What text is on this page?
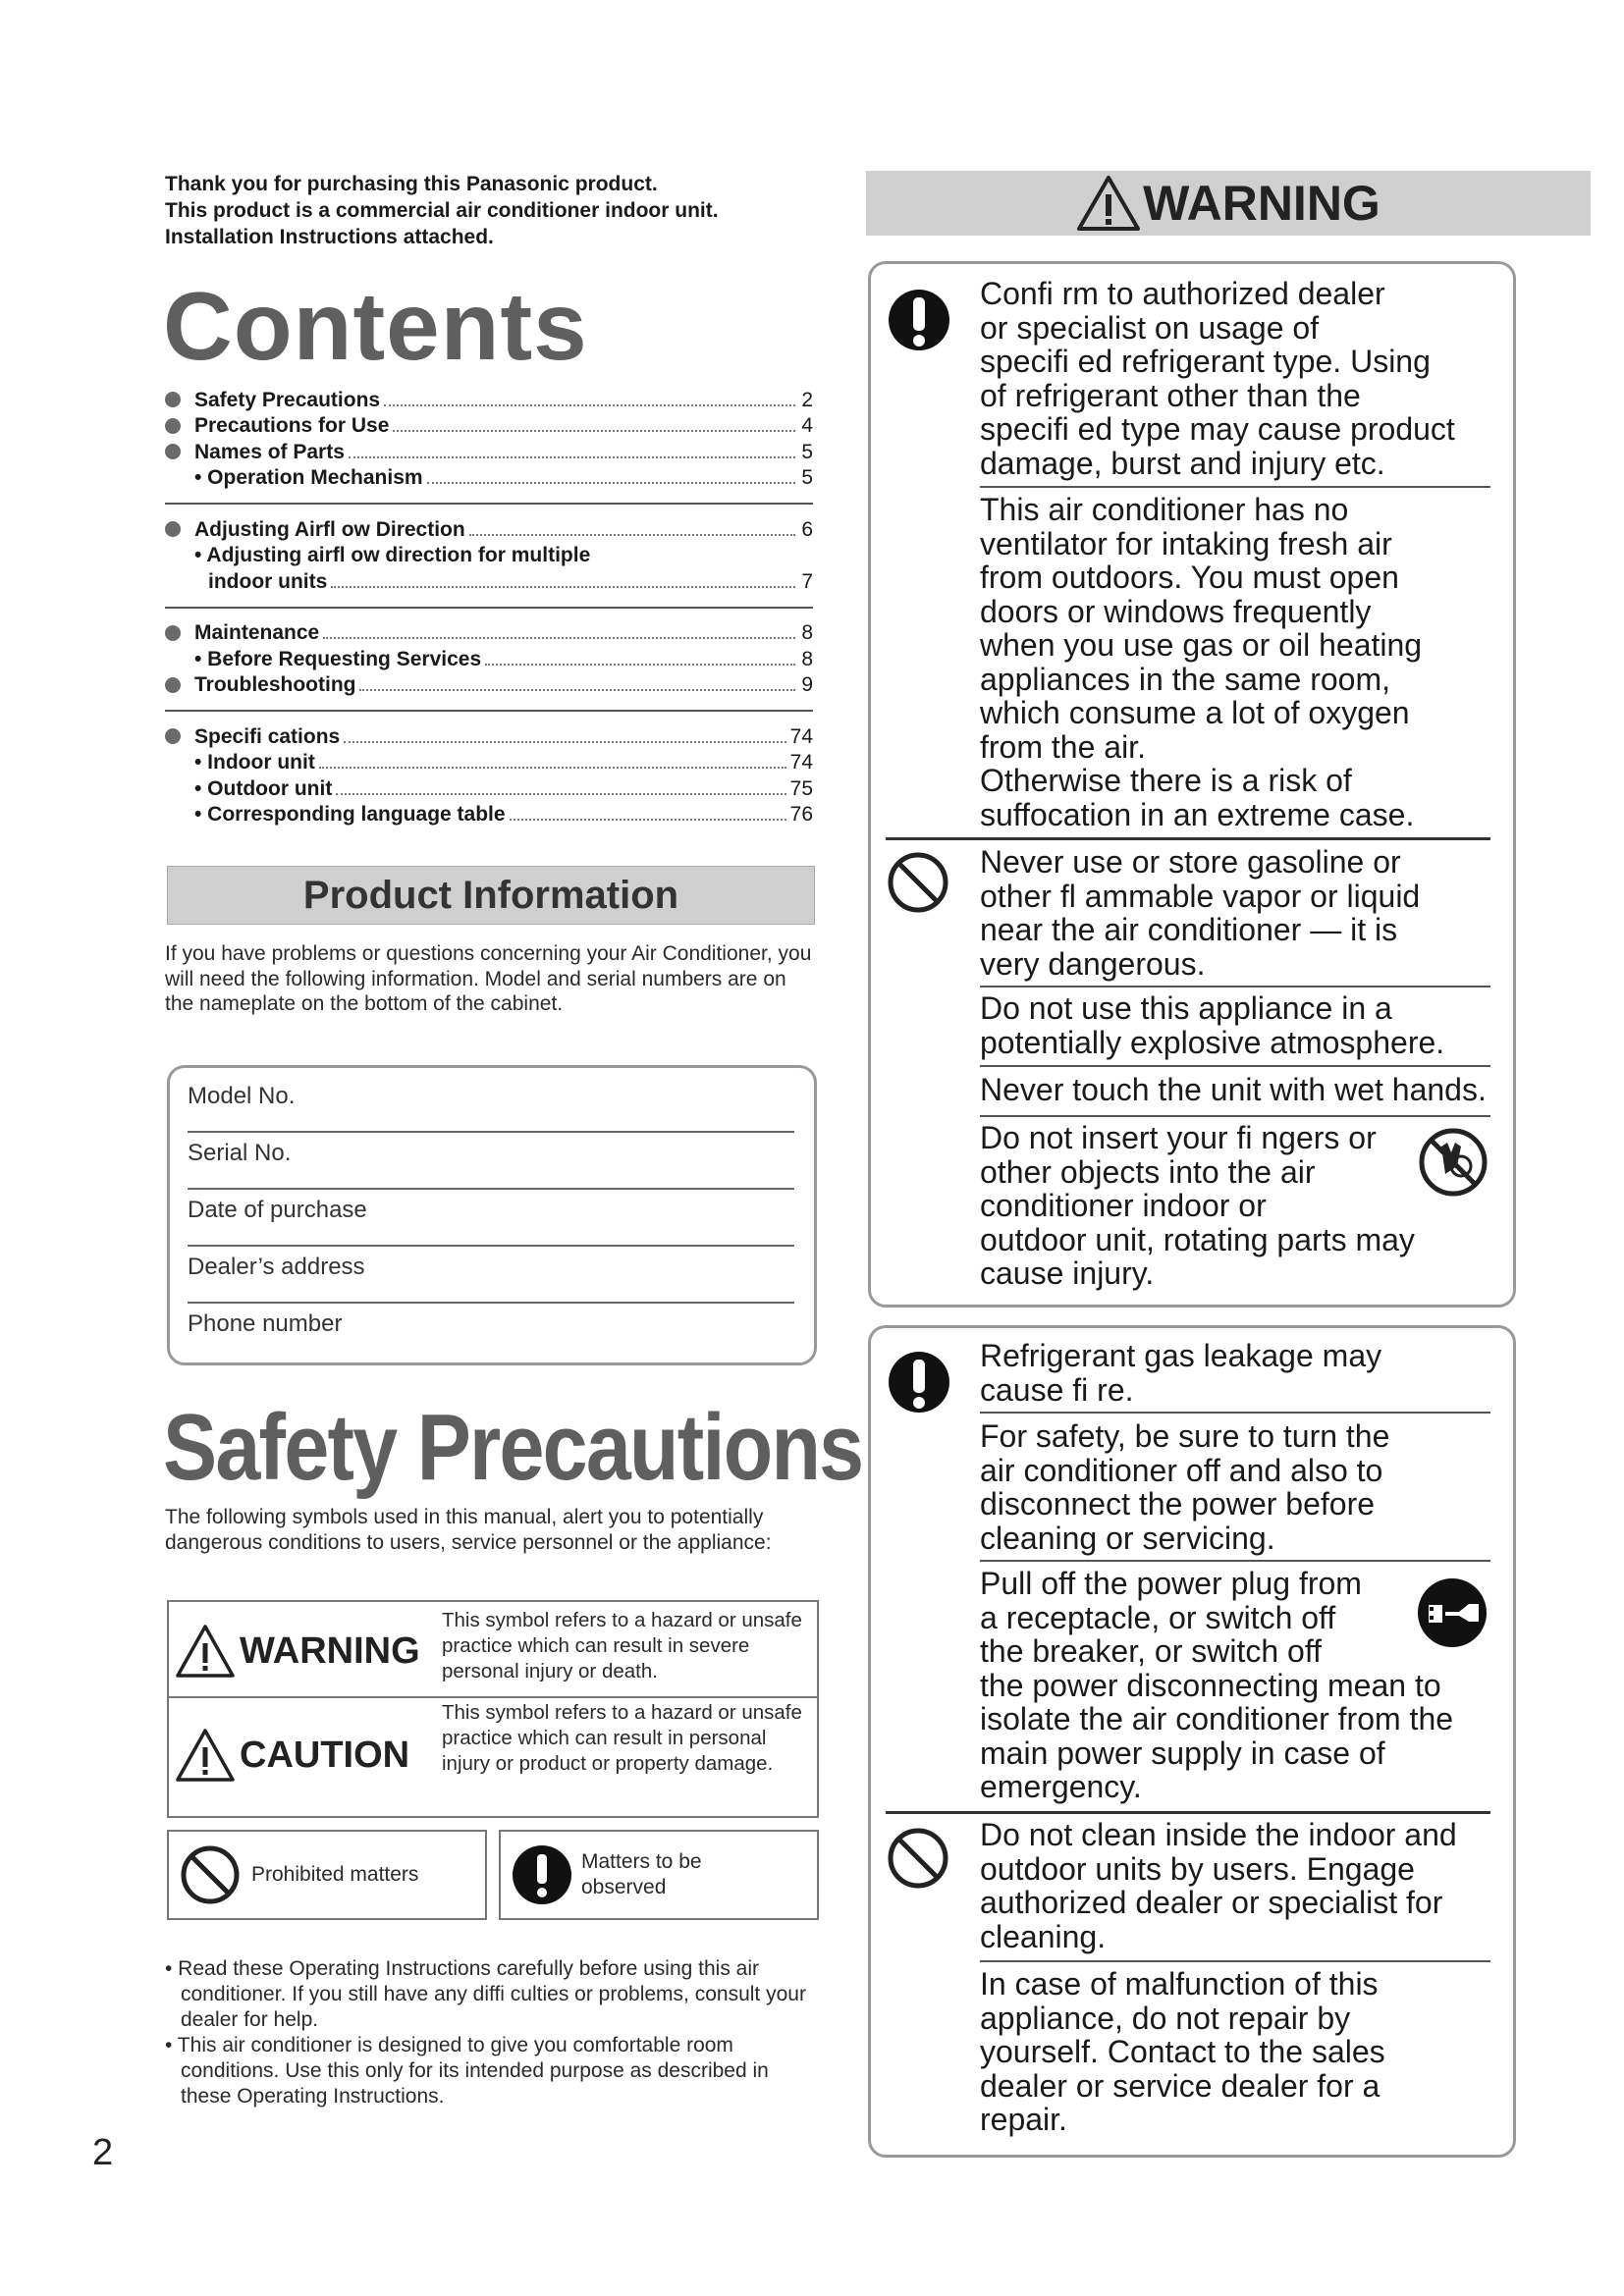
Thank you for purchasing this Panasonic product.
This product is a commercial air conditioner indoor unit.
Installation Instructions attached.
Contents
Safety Precautions	2
Precautions for Use	4
Names of Parts	5
• Operation Mechanism	5
Adjusting Airfl ow Direction	6
• Adjusting airfl ow direction for multiple
indoor units	7
Maintenance	8
• Before Requesting Services	8
Troubleshooting	9
Specifi cations	74
• Indoor unit	74
• Outdoor unit	75
• Corresponding language table	76
Product Information
If you have problems or questions concerning your Air Conditioner, you will need the following information. Model and serial numbers are on the nameplate on the bottom of the cabinet.
Model No.
Serial No.
Date of purchase
Dealer’s address
Phone number
Safety Precautions
The following symbols used in this manual, alert you to potentially dangerous conditions to users, service personnel or the appliance:
WARNING
This symbol refers to a hazard or unsafe practice which can result in severe personal injury or death.
CAUTION
This symbol refers to a hazard or unsafe practice which can result in personal injury or product or property damage.
Prohibited matters
Matters to be observed
• Read these Operating Instructions carefully before using this air conditioner. If you still have any diffi culties or problems, consult your dealer for help.
• This air conditioner is designed to give you comfortable room conditions. Use this only for its intended purpose as described in these Operating Instructions.
2
WARNING
Confi rm to authorized dealer
or specialist on usage of
specifi ed refrigerant type. Using
of refrigerant other than the
specifi ed type may cause product
damage, burst and injury etc.
This air conditioner has no
ventilator for intaking fresh air
from outdoors. You must open
doors or windows frequently
when you use gas or oil heating
appliances in the same room,
which consume a lot of oxygen
from the air.
Otherwise there is a risk of
suffocation in an extreme case.
Never use or store gasoline or
other fl ammable vapor or liquid
near the air conditioner — it is
very dangerous.
Do not use this appliance in a
potentially explosive atmosphere.
Never touch the unit with wet hands.
Do not insert your fi ngers or
other objects into the air
conditioner indoor or
outdoor unit, rotating parts may
cause injury.
Refrigerant gas leakage may
cause fi re.
For safety, be sure to turn the
air conditioner off and also to
disconnect the power before
cleaning or servicing.
Pull off the power plug from
a receptacle, or switch off
the breaker, or switch off
the power disconnecting mean to
isolate the air conditioner from the
main power supply in case of
emergency.
Do not clean inside the indoor and
outdoor units by users. Engage
authorized dealer or specialist for
cleaning.
In case of malfunction of this
appliance, do not repair by
yourself. Contact to the sales
dealer or service dealer for a
repair.
